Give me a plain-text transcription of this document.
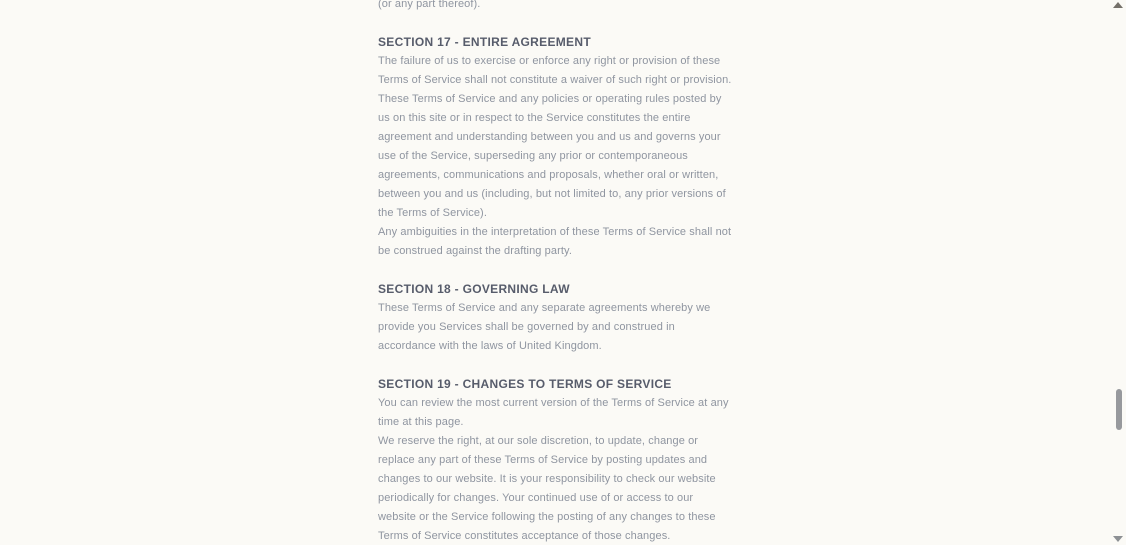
(or any part thereof).

SECTION 17 - ENTIRE AGREEMENT

The failure of us to exercise or enforce any right or provision of these

Terms of Service shall not constitute a waiver of such right or provision.

These Terms of Service and any policies or operating rules posted by

us on this site or in respect to the Service constitutes the entire

agreement and understanding between you and us and governs your

use of the Service, superseding any prior or contemporaneous

agreements, communications and proposals, whether oral or written,

between you and us (including, but not limited to, any prior versions of

the Terms of Service).

Any ambiguities in the interpretation of these Terms of Service shall not

be construed against the drafting party.

SECTION 18 - GOVERNING LAW

These Terms of Service and any separate agreements whereby we

provide you Services shall be governed by and construed in

accordance with the laws of United Kingdom.

SECTION 19 - CHANGES TO TERMS OF SERVICE

You can review the most current version of the Terms of Service at any

time at this page.

We reserve the right, at our sole discretion, to update, change or

replace any part of these Terms of Service by posting updates and

changes to our website. It is your responsibility to check our website

periodically for changes. Your continued use of or access to our

website or the Service following the posting of any changes to these

Terms of Service constitutes acceptance of those changes.
